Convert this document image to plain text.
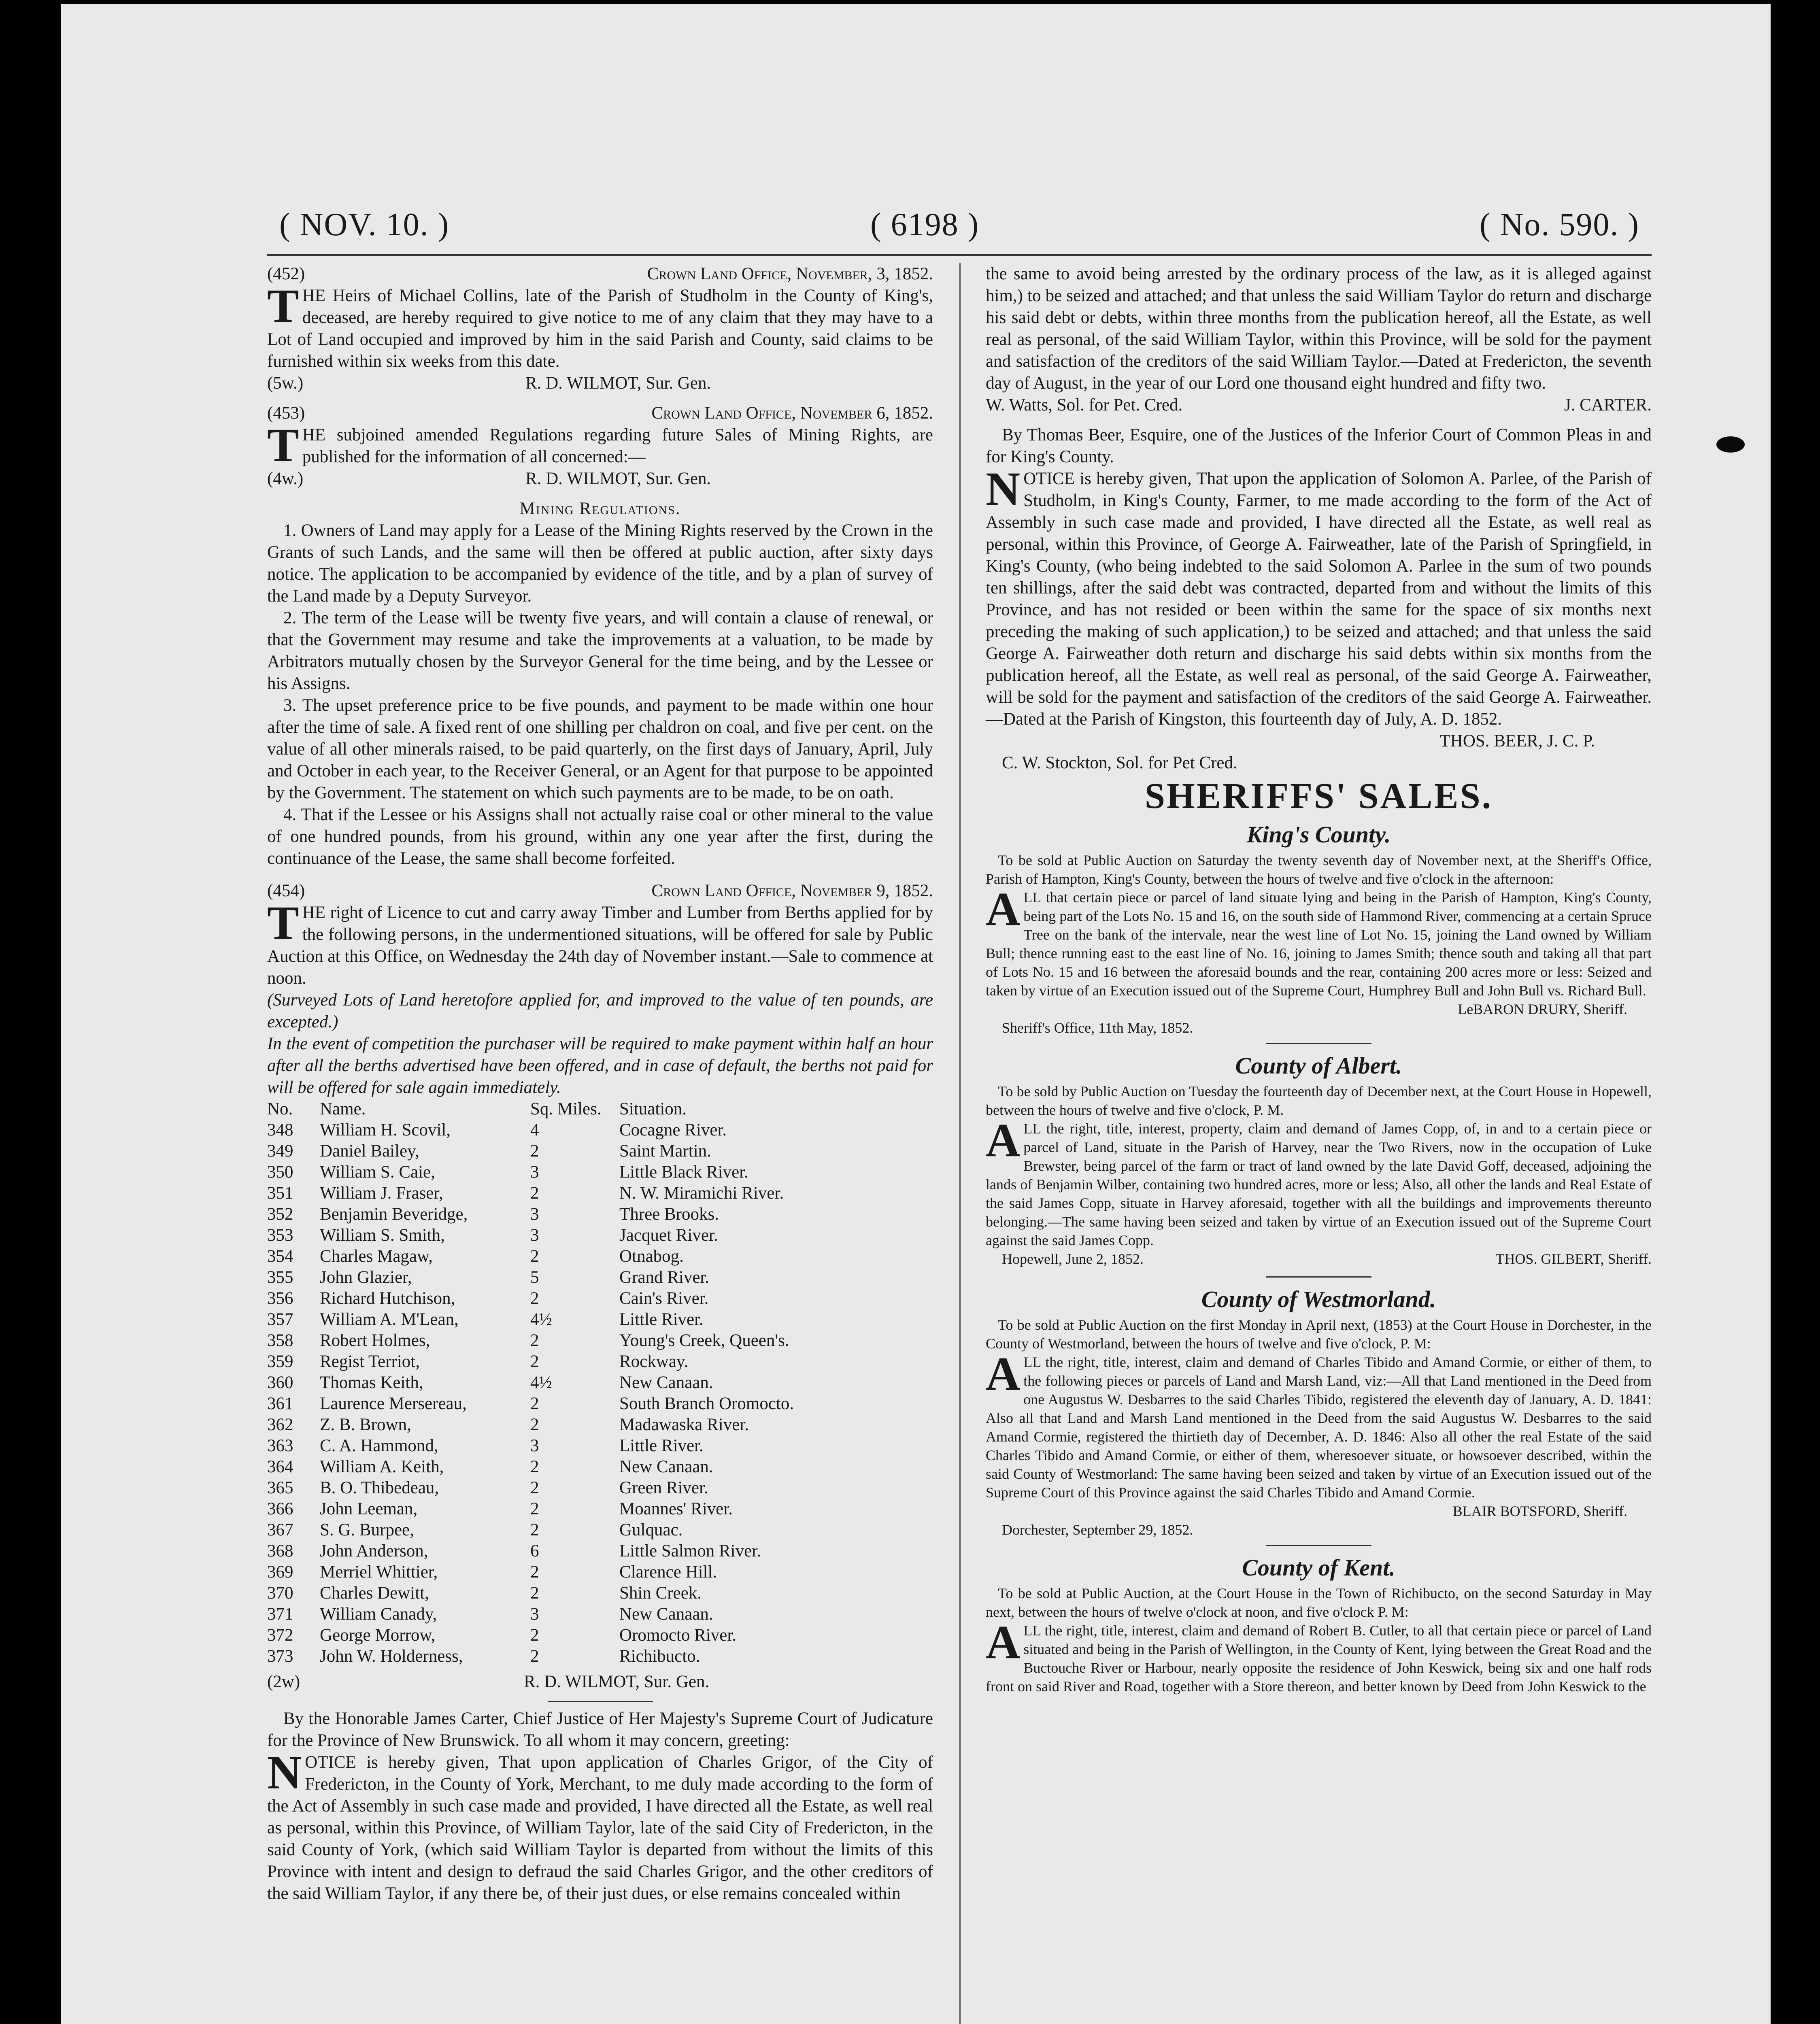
( NOV. 10. )	( 6198 )	( No. 590. )
(452)	Crown Land Office, November, 3, 1852.

THE Heirs of Michael Collins, late of the Parish of Studholm in the County of King's, deceased, are hereby required to give notice to me of any claim that they may have to a Lot of Land occupied and improved by him in the said Parish and County, said claims to be furnished within six weeks from this date.

(5w.)	R. D. WILMOT, Sur. Gen.
(453)	Crown Land Office, November 6, 1852.

THE subjoined amended Regulations regarding future Sales of Mining Rights, are published for the information of all concerned:—

(4w.)	R. D. WILMOT, Sur. Gen.
Mining Regulations.

1. Owners of Land may apply for a Lease of the Mining Rights reserved by the Crown in the Grants of such Lands, and the same will then be offered at public auction, after sixty days notice. The application to be accompanied by evidence of the title, and by a plan of survey of the Land made by a Deputy Surveyor.

2. The term of the Lease will be twenty five years, and will contain a clause of renewal, or that the Government may resume and take the improvements at a valuation, to be made by Arbitrators mutually chosen by the Surveyor General for the time being, and by the Lessee or his Assigns.

3. The upset preference price to be five pounds, and payment to be made within one hour after the time of sale. A fixed rent of one shilling per chaldron on coal, and five per cent. on the value of all other minerals raised, to be paid quarterly, on the first days of January, April, July and October in each year, to the Receiver General, or an Agent for that purpose to be appointed by the Government. The statement on which such payments are to be made, to be on oath.

4. That if the Lessee or his Assigns shall not actually raise coal or other mineral to the value of one hundred pounds, from his ground, within any one year after the first, during the continuance of the Lease, the same shall become forfeited.

(454)	Crown Land Office, November 9, 1852.

THE right of Licence to cut and carry away Timber and Lumber from Berths applied for by the following persons, in the undermentioned situations, will be offered for sale by Public Auction at this Office, on Wednesday the 24th day of November instant.—Sale to commence at noon.

(Surveyed Lots of Land heretofore applied for, and improved to the value of ten pounds, are excepted.)

In the event of competition the purchaser will be required to make payment within half an hour after all the berths advertised have been offered, and in case of default, the berths not paid for will be offered for sale again immediately.

No.	Name.	Sq. Miles.	Situation.
348	William H. Scovil,	4	Cocagne River.
349	Daniel Bailey,	2	Saint Martin.
350	William S. Caie,	3	Little Black River.
351	William J. Fraser,	2	N. W. Miramichi River.
352	Benjamin Beveridge,	3	Three Brooks.
353	William S. Smith,	3	Jacquet River.
354	Charles Magaw,	2	Otnabog.
355	John Glazier,	5	Grand River.
356	Richard Hutchison,	2	Cain's River.
357	William A. M'Lean,	4½	Little River.
358	Robert Holmes,	2	Young's Creek, Queen's.
359	Regist Terriot,	2	Rockway.
360	Thomas Keith,	4½	New Canaan.
361	Laurence Mersereau,	2	South Branch Oromocto.
362	Z. B. Brown,	2	Madawaska River.
363	C. A. Hammond,	3	Little River.
364	William A. Keith,	2	New Canaan.
365	B. O. Thibedeau,	2	Green River.
366	John Leeman,	2	Moannes' River.
367	S. G. Burpee,	2	Gulquac.
368	John Anderson,	6	Little Salmon River.
369	Merriel Whittier,	2	Clarence Hill.
370	Charles Dewitt,	2	Shin Creek.
371	William Canady,	3	New Canaan.
372	George Morrow,	2	Oromocto River.
373	John W. Holderness,	2	Richibucto.
(2w)	R. D. WILMOT, Sur. Gen.

By the Honorable James Carter, Chief Justice of Her Majesty's Supreme Court of Judicature for the Province of New Brunswick. To all whom it may concern, greeting:

NOTICE is hereby given, That upon application of Charles Grigor, of the City of Fredericton, in the County of York, Merchant, to me duly made according to the form of the Act of Assembly in such case made and provided, I have directed all the Estate, as well real as personal, within this Province, of William Taylor, late of the said City of Fredericton, in the said County of York, (which said William Taylor is departed from without the limits of this Province with intent and design to defraud the said Charles Grigor, and the other creditors of the said William Taylor, if any there be, of their just dues, or else remains concealed within

the same to avoid being arrested by the ordinary process of the law, as it is alleged against him,) to be seized and attached; and that unless the said William Taylor do return and discharge his said debt or debts, within three months from the publication hereof, all the Estate, as well real as personal, of the said William Taylor, within this Province, will be sold for the payment and satisfaction of the creditors of the said William Taylor.—Dated at Fredericton, the seventh day of August, in the year of our Lord one thousand eight hundred and fifty two.

W. Watts, Sol. for Pet. Cred.	J. CARTER.

By Thomas Beer, Esquire, one of the Justices of the Inferior Court of Common Pleas in and for King's County.

NOTICE is hereby given, That upon the application of Solomon A. Parlee, of the Parish of Studholm, in King's County, Farmer, to me made according to the form of the Act of Assembly in such case made and provided, I have directed all the Estate, as well real as personal, within this Province, of George A. Fairweather, late of the Parish of Springfield, in King's County, (who being indebted to the said Solomon A. Parlee in the sum of two pounds ten shillings, after the said debt was contracted, departed from and without the limits of this Province, and has not resided or been within the same for the space of six months next preceding the making of such application,) to be seized and attached; and that unless the said George A. Fairweather doth return and discharge his said debts within six months from the publication hereof, all the Estate, as well real as personal, of the said George A. Fairweather, will be sold for the payment and satisfaction of the creditors of the said George A. Fairweather.—Dated at the Parish of Kingston, this fourteenth day of July, A. D. 1852.

THOS. BEER, J. C. P.
C. W. Stockton, Sol. for Pet Cred.
SHERIFFS' SALES.
King's County.

To be sold at Public Auction on Saturday the twenty seventh day of November next, at the Sheriff's Office, Parish of Hampton, King's County, between the hours of twelve and five o'clock in the afternoon:

ALL that certain piece or parcel of land situate lying and being in the Parish of Hampton, King's County, being part of the Lots No. 15 and 16, on the south side of Hammond River, commencing at a certain Spruce Tree on the bank of the intervale, near the west line of Lot No. 15, joining the Land owned by William Bull; thence running east to the east line of No. 16, joining to James Smith; thence south and taking all that part of Lots No. 15 and 16 between the aforesaid bounds and the rear, containing 200 acres more or less: Seized and taken by virtue of an Execution issued out of the Supreme Court, Humphrey Bull and John Bull vs. Richard Bull.

LeBARON DRURY, Sheriff.
Sheriff's Office, 11th May, 1852.
County of Albert.

To be sold by Public Auction on Tuesday the fourteenth day of December next, at the Court House in Hopewell, between the hours of twelve and five o'clock, P. M.

ALL the right, title, interest, property, claim and demand of James Copp, of, in and to a certain piece or parcel of Land, situate in the Parish of Harvey, near the Two Rivers, now in the occupation of Luke Brewster, being parcel of the farm or tract of land owned by the late David Goff, deceased, adjoining the lands of Benjamin Wilber, containing two hundred acres, more or less; Also, all other the lands and Real Estate of the said James Copp, situate in Harvey aforesaid, together with all the buildings and improvements thereunto belonging.—The same having been seized and taken by virtue of an Execution issued out of the Supreme Court against the said James Copp.

Hopewell, June 2, 1852.	THOS. GILBERT, Sheriff.
County of Westmorland.

To be sold at Public Auction on the first Monday in April next, (1853) at the Court House in Dorchester, in the County of Westmorland, between the hours of twelve and five o'clock, P. M:

ALL the right, title, interest, claim and demand of Charles Tibido and Amand Cormie, or either of them, to the following pieces or parcels of Land and Marsh Land, viz:—All that Land mentioned in the Deed from one Augustus W. Desbarres to the said Charles Tibido, registered the eleventh day of January, A. D. 1841: Also all that Land and Marsh Land mentioned in the Deed from the said Augustus W. Desbarres to the said Amand Cormie, registered the thirtieth day of December, A. D. 1846: Also all other the real Estate of the said Charles Tibido and Amand Cormie, or either of them, wheresoever situate, or howsoever described, within the said County of Westmorland: The same having been seized and taken by virtue of an Execution issued out of the Supreme Court of this Province against the said Charles Tibido and Amand Cormie.

BLAIR BOTSFORD, Sheriff.
Dorchester, September 29, 1852.
County of Kent.

To be sold at Public Auction, at the Court House in the Town of Richibucto, on the second Saturday in May next, between the hours of twelve o'clock at noon, and five o'clock P. M:

ALL the right, title, interest, claim and demand of Robert B. Cutler, to all that certain piece or parcel of Land situated and being in the Parish of Wellington, in the County of Kent, lying between the Great Road and the Buctouche River or Harbour, nearly opposite the residence of John Keswick, being six and one half rods front on said River and Road, together with a Store thereon, and better known by Deed from John Keswick to the
